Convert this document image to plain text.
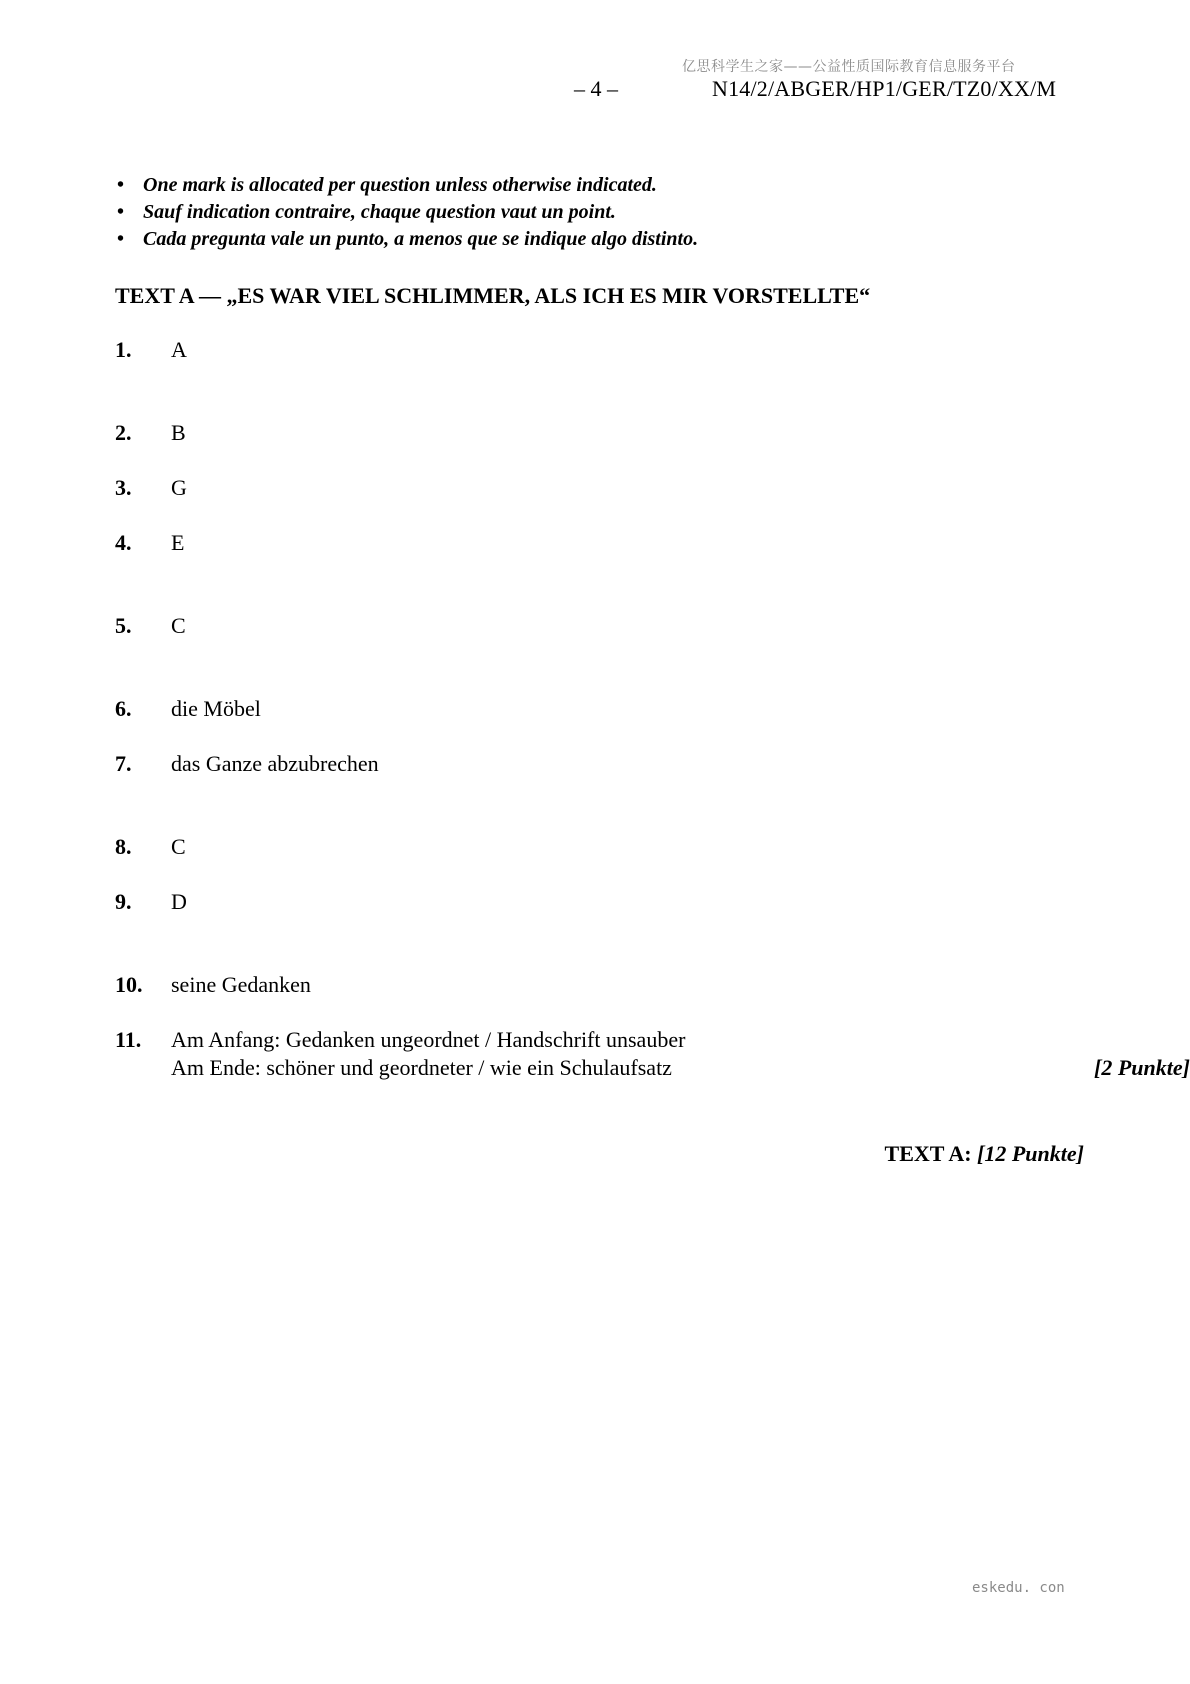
亿思科学生之家——公益性质国际教育信息服务平台
– 4 –	N14/2/ABGER/HP1/GER/TZ0/XX/M
• One mark is allocated per question unless otherwise indicated.
• Sauf indication contraire, chaque question vaut un point.
• Cada pregunta vale un punto, a menos que se indique algo distinto.
TEXT A — „ES WAR VIEL SCHLIMMER, ALS ICH ES MIR VORSTELLTE“
1. A
2. B
3. G
4. E
5. C
6. die Möbel
7. das Ganze abzubrechen
8. C
9. D
10. seine Gedanken
11. Am Anfang: Gedanken ungeordnet / Handschrift unsauber
Am Ende: schöner und geordneter / wie ein Schulaufsatz	[2 Punkte]
TEXT A: [12 Punkte]
eskedu. con
